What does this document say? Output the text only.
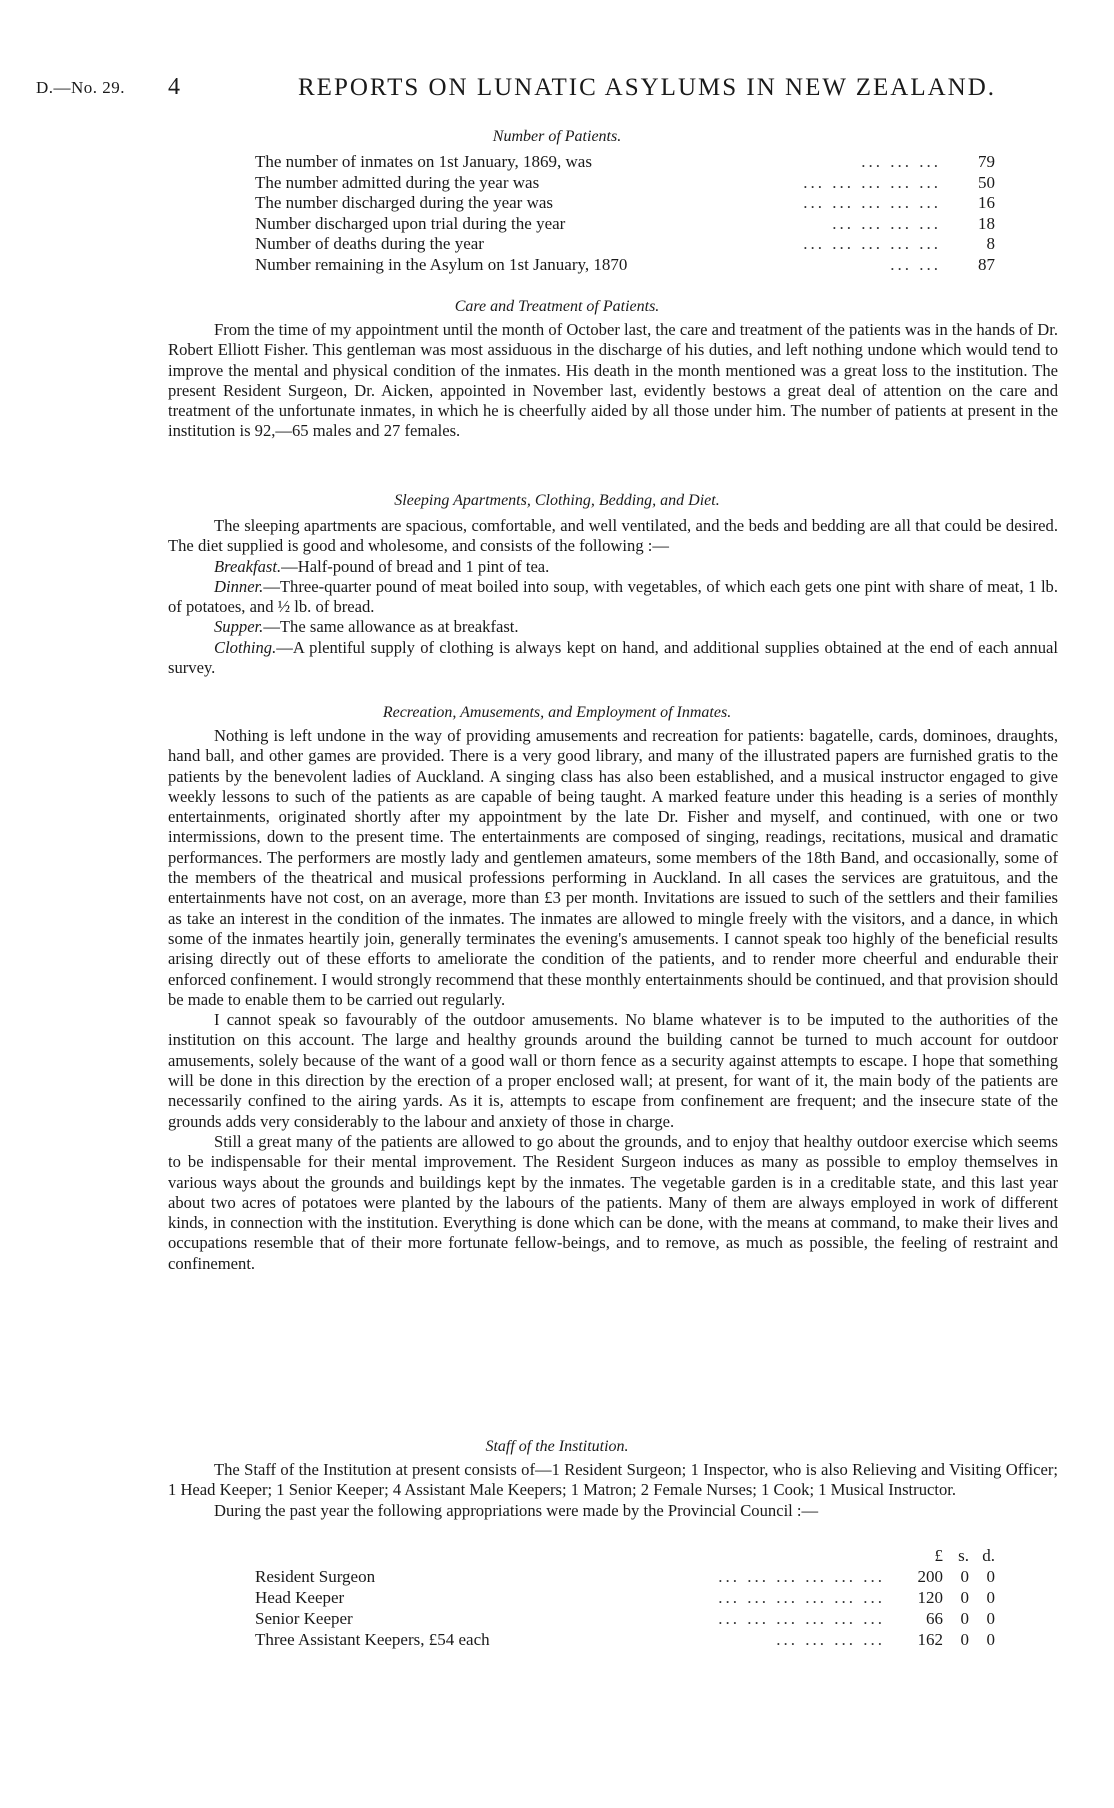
D.—No. 29. 4	REPORTS ON LUNATIC ASYLUMS IN NEW ZEALAND.
Number of Patients.
The number of inmates on 1st January, 1869, was	... ... ...	79
The number admitted during the year was	... ... ... ... ...	50
The number discharged during the year was	... ... ... ... ...	16
Number discharged upon trial during the year	... ... ... ...	18
Number of deaths during the year	... ... ... ... ...	8
Number remaining in the Asylum on 1st January, 1870	... ...	87
Care and Treatment of Patients.

From the time of my appointment until the month of October last, the care and treatment of the patients was in the hands of Dr. Robert Elliott Fisher. This gentleman was most assiduous in the discharge of his duties, and left nothing undone which would tend to improve the mental and physical condition of the inmates. His death in the month mentioned was a great loss to the institution. The present Resident Surgeon, Dr. Aicken, appointed in November last, evidently bestows a great deal of attention on the care and treatment of the unfortunate inmates, in which he is cheerfully aided by all those under him. The number of patients at present in the institution is 92,—65 males and 27 females.

Sleeping Apartments, Clothing, Bedding, and Diet.

The sleeping apartments are spacious, comfortable, and well ventilated, and the beds and bedding are all that could be desired. The diet supplied is good and wholesome, and consists of the following :—

Breakfast.—Half-pound of bread and 1 pint of tea.
Dinner.—Three-quarter pound of meat boiled into soup, with vegetables, of which each gets one pint with share of meat, 1 lb. of potatoes, and ½ lb. of bread.
Supper.—The same allowance as at breakfast.
Clothing.—A plentiful supply of clothing is always kept on hand, and additional supplies obtained at the end of each annual survey.
Recreation, Amusements, and Employment of Inmates.

Nothing is left undone in the way of providing amusements and recreation for patients: bagatelle, cards, dominoes, draughts, hand ball, and other games are provided. There is a very good library, and many of the illustrated papers are furnished gratis to the patients by the benevolent ladies of Auckland. A singing class has also been established, and a musical instructor engaged to give weekly lessons to such of the patients as are capable of being taught. A marked feature under this heading is a series of monthly entertainments, originated shortly after my appointment by the late Dr. Fisher and myself, and continued, with one or two intermissions, down to the present time. The entertainments are composed of singing, readings, recitations, musical and dramatic performances. The performers are mostly lady and gentlemen amateurs, some members of the 18th Band, and occasionally, some of the members of the theatrical and musical professions performing in Auckland. In all cases the services are gratuitous, and the entertainments have not cost, on an average, more than £3 per month. Invitations are issued to such of the settlers and their families as take an interest in the condition of the inmates. The inmates are allowed to mingle freely with the visitors, and a dance, in which some of the inmates heartily join, generally terminates the evening's amusements. I cannot speak too highly of the beneficial results arising directly out of these efforts to ameliorate the condition of the patients, and to render more cheerful and endurable their enforced confinement. I would strongly recommend that these monthly entertainments should be continued, and that provision should be made to enable them to be carried out regularly.

I cannot speak so favourably of the outdoor amusements. No blame whatever is to be imputed to the authorities of the institution on this account. The large and healthy grounds around the building cannot be turned to much account for outdoor amusements, solely because of the want of a good wall or thorn fence as a security against attempts to escape. I hope that something will be done in this direction by the erection of a proper enclosed wall; at present, for want of it, the main body of the patients are necessarily confined to the airing yards. As it is, attempts to escape from confinement are frequent; and the insecure state of the grounds adds very considerably to the labour and anxiety of those in charge.

Still a great many of the patients are allowed to go about the grounds, and to enjoy that healthy outdoor exercise which seems to be indispensable for their mental improvement. The Resident Surgeon induces as many as possible to employ themselves in various ways about the grounds and buildings kept by the inmates. The vegetable garden is in a creditable state, and this last year about two acres of potatoes were planted by the labours of the patients. Many of them are always employed in work of different kinds, in connection with the institution. Everything is done which can be done, with the means at command, to make their lives and occupations resemble that of their more fortunate fellow-beings, and to remove, as much as possible, the feeling of restraint and confinement.

Staff of the Institution.

The Staff of the Institution at present consists of—1 Resident Surgeon; 1 Inspector, who is also Relieving and Visiting Officer; 1 Head Keeper; 1 Senior Keeper; 4 Assistant Male Keepers; 1 Matron; 2 Female Nurses; 1 Cook; 1 Musical Instructor.

During the past year the following appropriations were made by the Provincial Council :—

£ s. d.
Resident Surgeon	... ... ... ... ... ...	200	0	0
Head Keeper	... ... ... ... ... ...	120	0	0
Senior Keeper	... ... ... ... ... ...	66	0	0
Three Assistant Keepers, £54 each	... ... ... ...	162	0	0
